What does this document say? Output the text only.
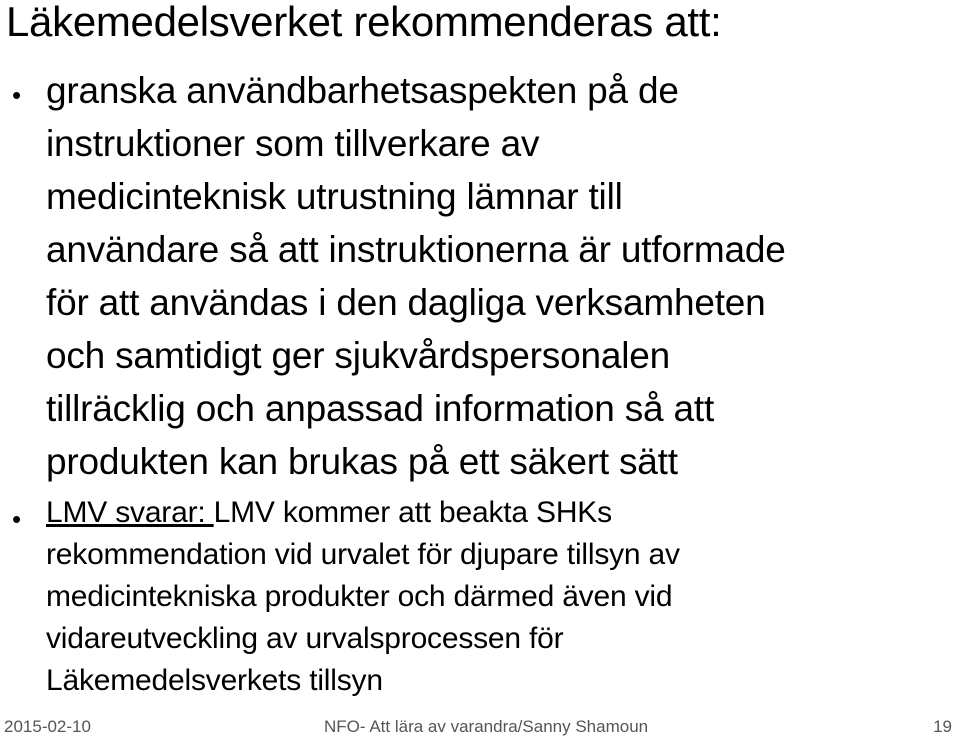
Läkemedelsverket rekommenderas att:
• granska användbarhetsaspekten på de
instruktioner som tillverkare av
medicinteknisk utrustning lämnar till
användare så att instruktionerna är utformade
för att användas i den dagliga verksamheten
och samtidigt ger sjukvårdspersonalen
tillräcklig och anpassad information så att
produkten kan brukas på ett säkert sätt
• LMV svarar: LMV kommer att beakta SHKs
rekommendation vid urvalet för djupare tillsyn av
medicintekniska produkter och därmed även vid
vidareutveckling av urvalsprocessen för
Läkemedelsverkets tillsyn
2015-02-10	NFO- Att lära av varandra/Sanny Shamoun	19
